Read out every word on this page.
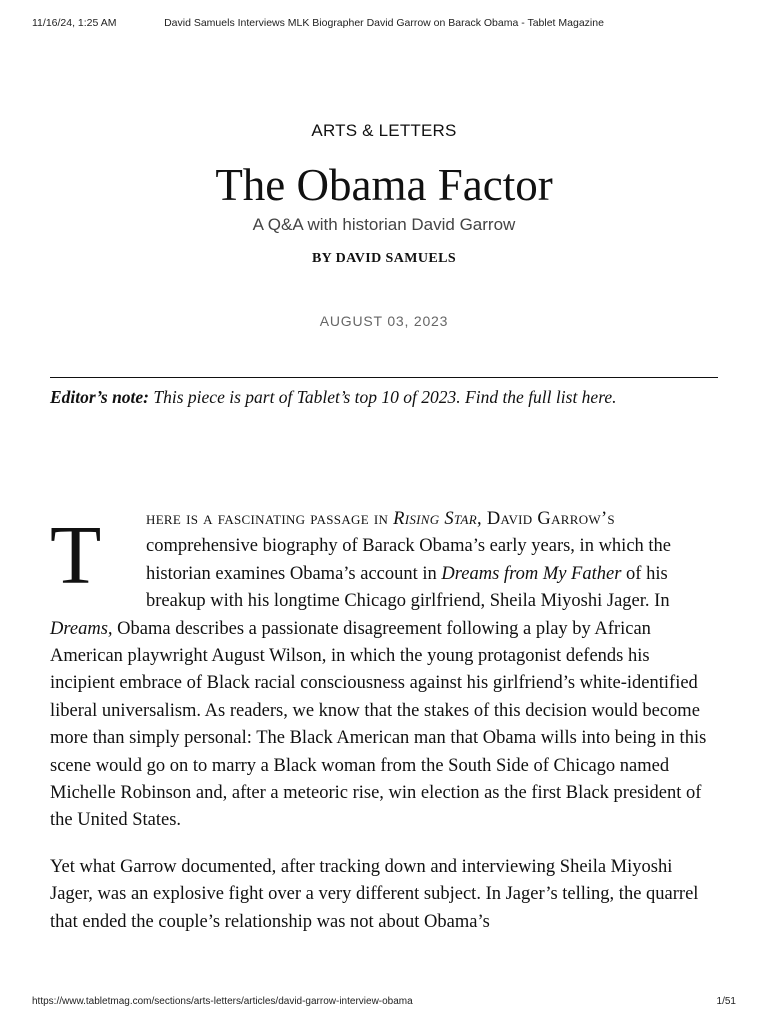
11/16/24, 1:25 AM	David Samuels Interviews MLK Biographer David Garrow on Barack Obama - Tablet Magazine
ARTS & LETTERS
The Obama Factor
A Q&A with historian David Garrow
BY DAVID SAMUELS
AUGUST 03, 2023

Editor’s note: This piece is part of Tablet’s top 10 of 2023. Find the full list here.

T	here is a fascinating passage in Rising Star, David Garrow’s comprehensive biography of Barack Obama’s early years, in which the historian examines Obama’s account in Dreams from My Father of his breakup with his longtime Chicago girlfriend, Sheila Miyoshi Jager. In Dreams, Obama describes a passionate disagreement following a play by African American playwright August Wilson, in which the young protagonist defends his incipient embrace of Black racial consciousness against his girlfriend’s white-identified liberal universalism. As readers, we know that the stakes of this decision would become more than simply personal: The Black American man that Obama wills into being in this scene would go on to marry a Black woman from the South Side of Chicago named Michelle Robinson and, after a meteoric rise, win election as the first Black president of the United States.

Yet what Garrow documented, after tracking down and interviewing Sheila Miyoshi Jager, was an explosive fight over a very different subject. In Jager’s telling, the quarrel that ended the couple’s relationship was not about Obama’s

https://www.tabletmag.com/sections/arts-letters/articles/david-garrow-interview-obama	1/51
